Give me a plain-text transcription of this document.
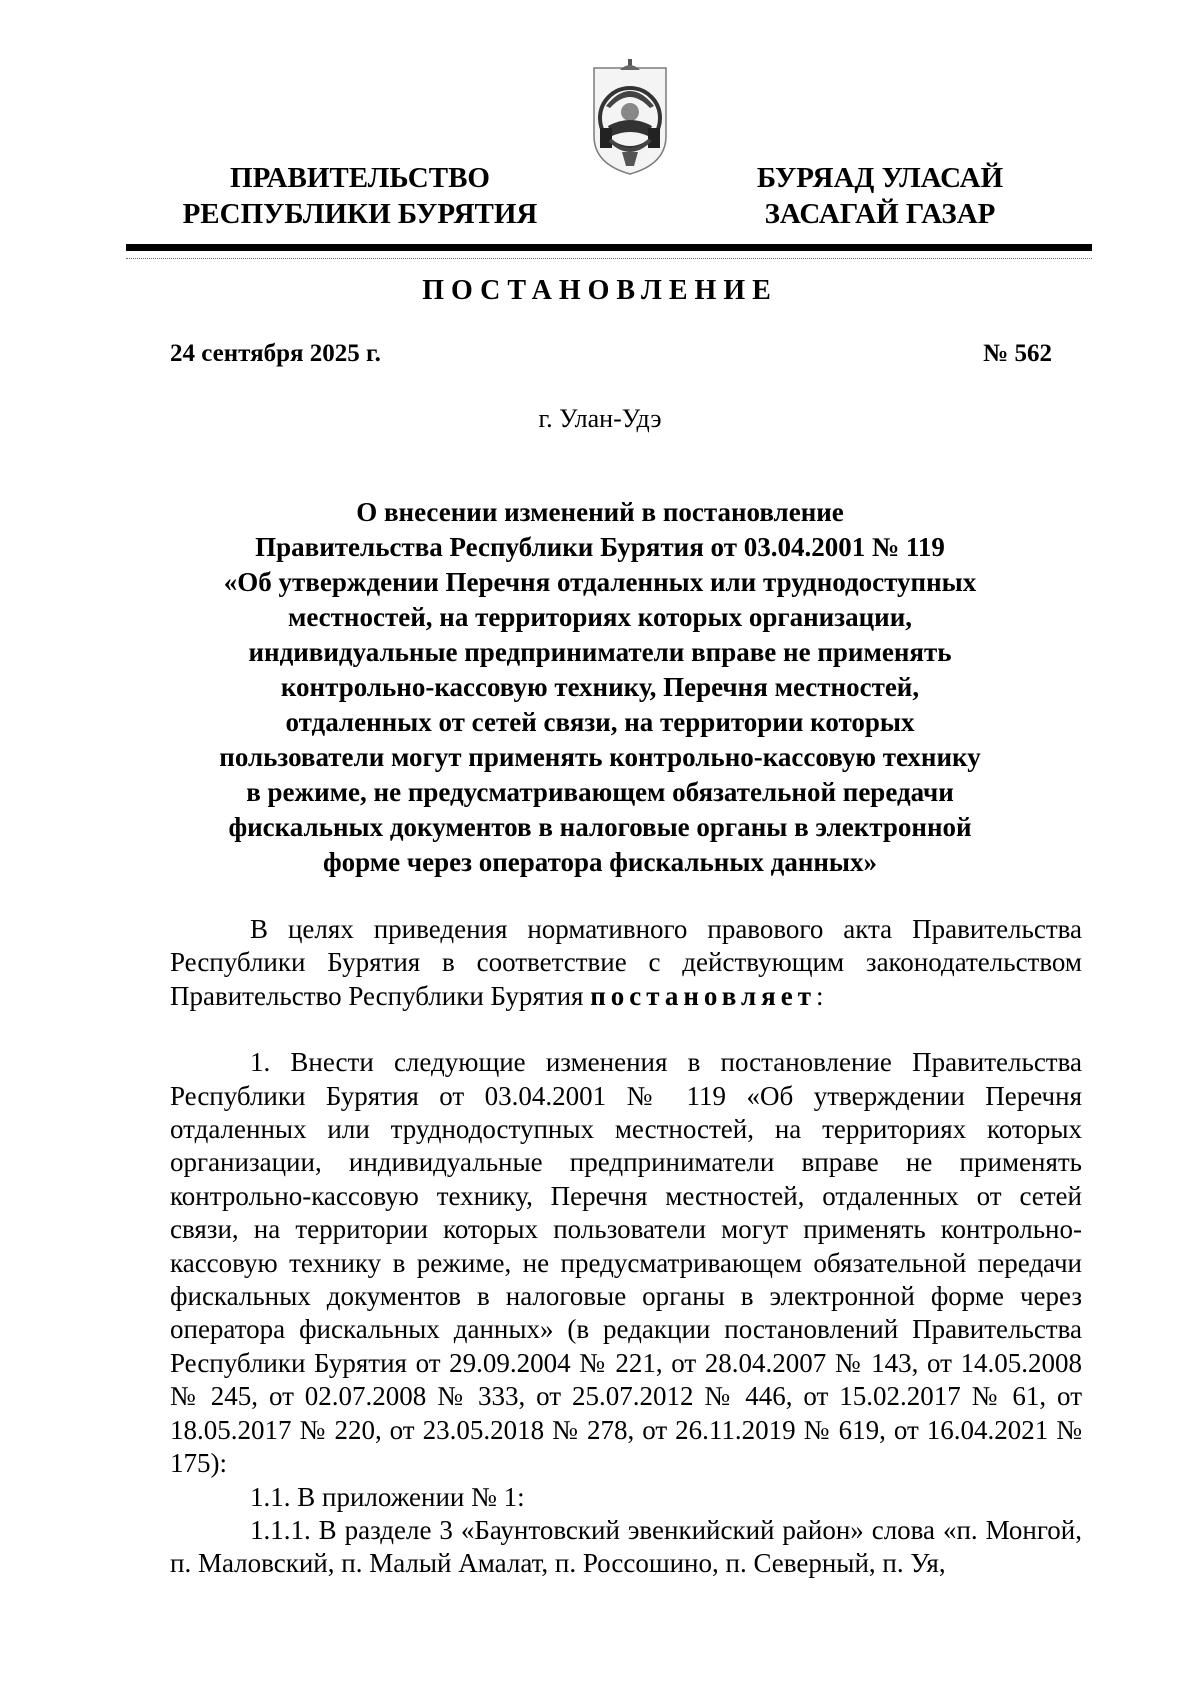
ПРАВИТЕЛЬСТВО
РЕСПУБЛИКИ БУРЯТИЯ
БУРЯАД УЛАСАЙ
ЗАСАГАЙ ГАЗАР
ПОСТАНОВЛЕНИЕ
24 сентября 2025 г.	№ 562
г. Улан-Удэ
О внесении изменений в постановление
Правительства Республики Бурятия от 03.04.2001 № 119
«Об утверждении Перечня отдаленных или труднодоступных
местностей, на территориях которых организации,
индивидуальные предприниматели вправе не применять
контрольно-кассовую технику, Перечня местностей,
отдаленных от сетей связи, на территории которых
пользователи могут применять контрольно-кассовую технику
в режиме, не предусматривающем обязательной передачи
фискальных документов в налоговые органы в электронной
форме через оператора фискальных данных»

В целях приведения нормативного правового акта Правительства Республики Бурятия в соответствие с действующим законодательством Правительство Республики Бурятия постановляет:

1. Внести следующие изменения в постановление Правительства Республики Бурятия от 03.04.2001 № 119 «Об утверждении Перечня отдаленных или труднодоступных местностей, на территориях которых организации, индивидуальные предприниматели вправе не применять контрольно-кассовую технику, Перечня местностей, отдаленных от сетей связи, на территории которых пользователи могут применять контрольно-кассовую технику в режиме, не предусматривающем обязательной передачи фискальных документов в налоговые органы в электронной форме через оператора фискальных данных» (в редакции постановлений Правительства Республики Бурятия от 29.09.2004 № 221, от 28.04.2007 № 143, от 14.05.2008 № 245, от 02.07.2008 № 333, от 25.07.2012 № 446, от 15.02.2017 № 61, от 18.05.2017 № 220, от 23.05.2018 № 278, от 26.11.2019 № 619, от 16.04.2021 № 175):

1.1. В приложении № 1:

1.1.1. В разделе 3 «Баунтовский эвенкийский район» слова «п. Монгой, п. Маловский, п. Малый Амалат, п. Россошино, п. Северный, п. Уя,
